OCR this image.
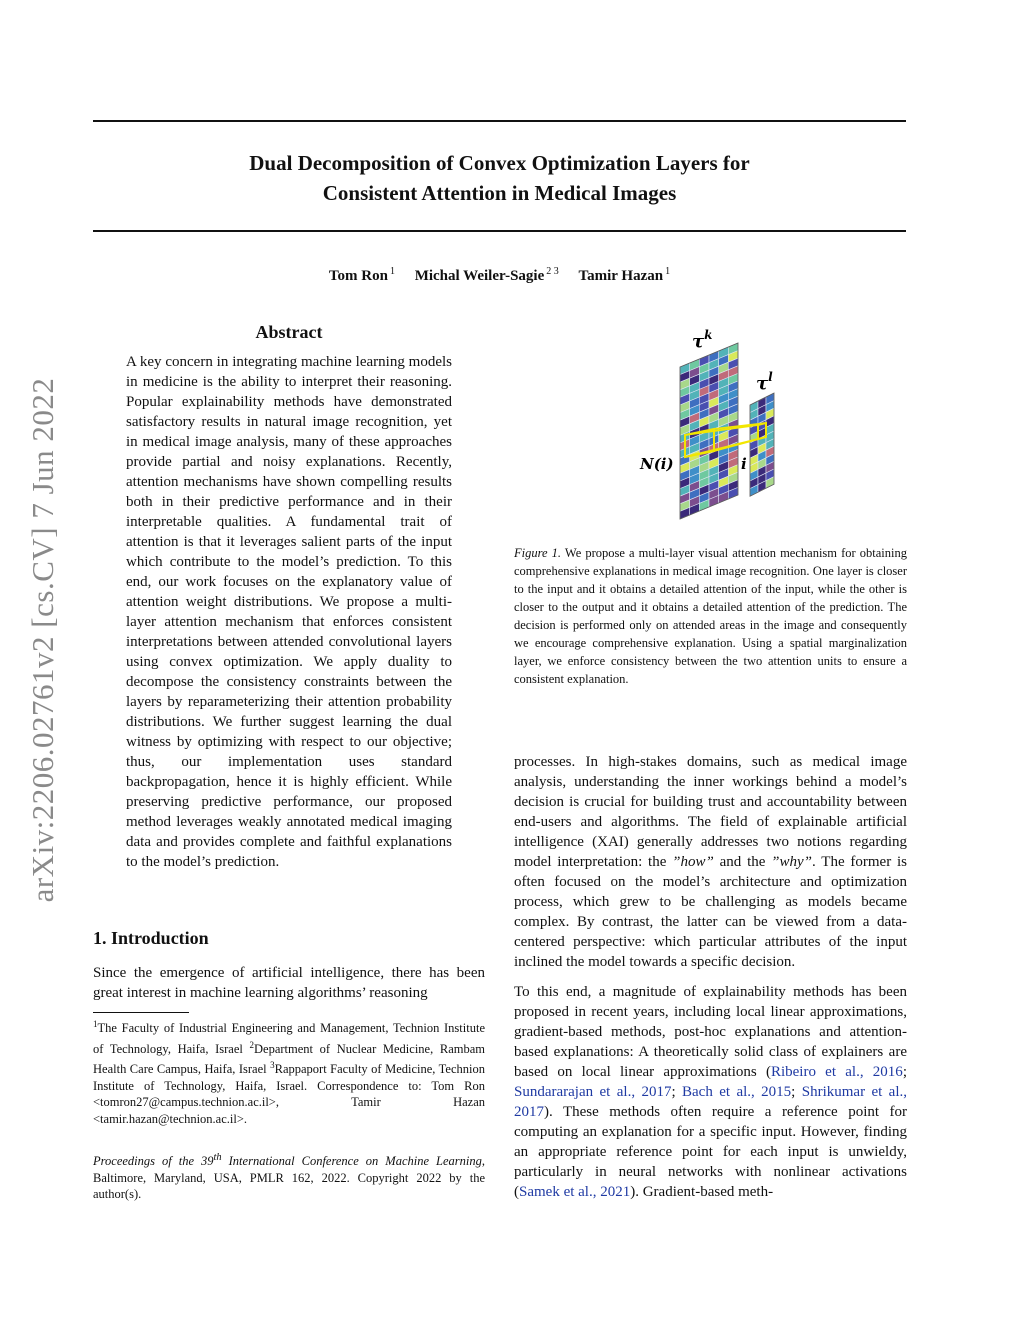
Dual Decomposition of Convex Optimization Layers for
Consistent Attention in Medical Images
Tom Ron $^1$ Michal Weiler-Sagie $^{2 3}$ Tamir Hazan $^1$
arXiv:2206.02761v2 [cs.CV] 7 Jun 2022
Abstract
A key concern in integrating machine learning models in medicine is the ability to interpret their reasoning. Popular explainability methods have demonstrated satisfactory results in natural image recognition, yet in medical image analysis, many of these approaches provide partial and noisy explanations. Recently, attention mechanisms have shown compelling results both in their predictive performance and in their interpretable qualities. A fundamental trait of attention is that it leverages salient parts of the input which contribute to the model’s prediction. To this end, our work focuses on the explanatory value of attention weight distributions. We propose a multi-layer attention mechanism that enforces consistent interpretations between attended convolutional layers using convex optimization. We apply duality to decompose the consistency constraints between the layers by reparameterizing their attention probability distributions. We further suggest learning the dual witness by optimizing with respect to our objective; thus, our implementation uses standard backpropagation, hence it is highly efficient. While preserving predictive performance, our proposed method leverages weakly annotated medical imaging data and provides complete and faithful explanations to the model’s prediction.
1. Introduction
Since the emergence of artificial intelligence, there has been great interest in machine learning algorithms’ reasoning
$^1$The Faculty of Industrial Engineering and Management, Technion Institute of Technology, Haifa, Israel $^2$Department of Nuclear Medicine, Rambam Health Care Campus, Haifa, Israel $^3$Rappaport Faculty of Medicine, Technion Institute of Technology, Haifa, Israel. Correspondence to: Tom Ron <tomron27@campus.technion.ac.il>, Tamir Hazan <tamir.hazan@technion.ac.il>.
Proceedings of the 39th International Conference on Machine Learning, Baltimore, Maryland, USA, PMLR 162, 2022. Copyright 2022 by the author(s).
$\tau^k$
$\tau^l$
N(i)	i
Figure 1. We propose a multi-layer visual attention mechanism for obtaining comprehensive explanations in medical image recognition. One layer is closer to the input and it obtains a detailed attention of the input, while the other is closer to the output and it obtains a detailed attention of the prediction. The decision is performed only on attended areas in the image and consequently we encourage comprehensive explanation. Using a spatial marginalization layer, we enforce consistency between the two attention units to ensure a consistent explanation.
processes. In high-stakes domains, such as medical image analysis, understanding the inner workings behind a model’s decision is crucial for building trust and accountability between end-users and algorithms. The field of explainable artificial intelligence (XAI) generally addresses two notions regarding model interpretation: the ”how” and the ”why”. The former is often focused on the model’s architecture and optimization process, which grew to be challenging as models became complex. By contrast, the latter can be viewed from a data-centered perspective: which particular attributes of the input inclined the model towards a specific decision.
To this end, a magnitude of explainability methods has been proposed in recent years, including local linear approximations, gradient-based methods, post-hoc explanations and attention-based explanations: A theoretically solid class of explainers are based on local linear approximations (Ribeiro et al., 2016; Sundararajan et al., 2017; Bach et al., 2015; Shrikumar et al., 2017). These methods often require a reference point for computing an explanation for a specific input. However, finding an appropriate reference point for each input is unwieldy, particularly in neural networks with nonlinear activations (Samek et al., 2021). Gradient-based meth-
